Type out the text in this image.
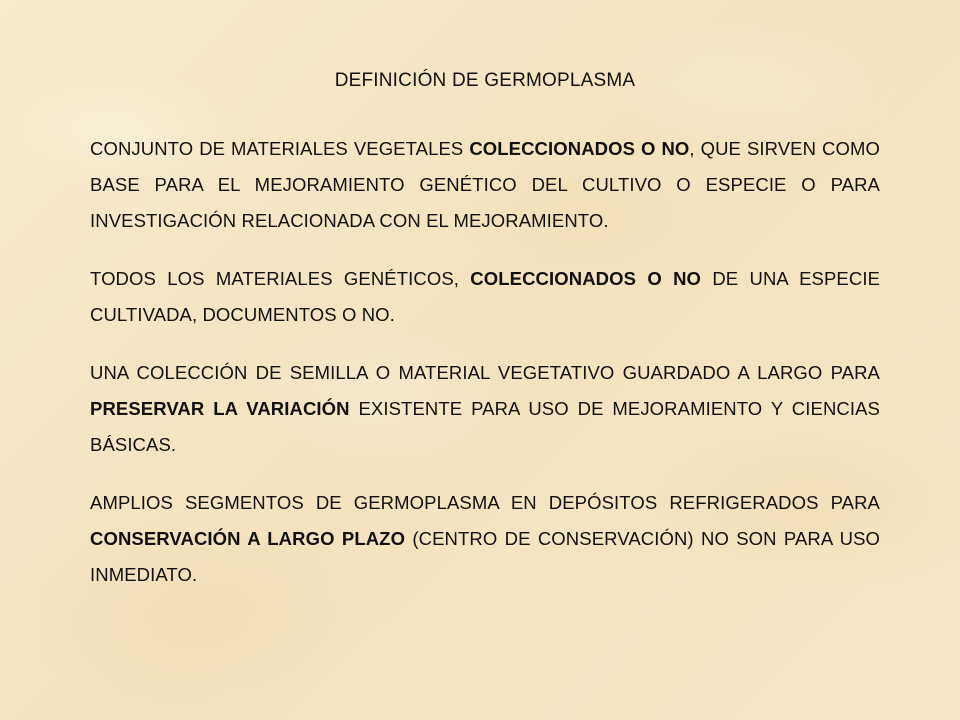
DEFINICIÓN DE GERMOPLASMA

CONJUNTO DE MATERIALES VEGETALES COLECCIONADOS O NO, QUE SIRVEN COMO BASE PARA EL MEJORAMIENTO GENÉTICO DEL CULTIVO O ESPECIE O PARA INVESTIGACIÓN RELACIONADA CON EL MEJORAMIENTO.

TODOS LOS MATERIALES GENÉTICOS, COLECCIONADOS O NO DE UNA ESPECIE CULTIVADA, DOCUMENTOS O NO.

UNA COLECCIÓN DE SEMILLA O MATERIAL VEGETATIVO GUARDADO A LARGO PARA PRESERVAR LA VARIACIÓN EXISTENTE PARA USO DE MEJORAMIENTO Y CIENCIAS BÁSICAS.

AMPLIOS SEGMENTOS DE GERMOPLASMA EN DEPÓSITOS REFRIGERADOS PARA CONSERVACIÓN A LARGO PLAZO (CENTRO DE CONSERVACIÓN) NO SON PARA USO INMEDIATO.
